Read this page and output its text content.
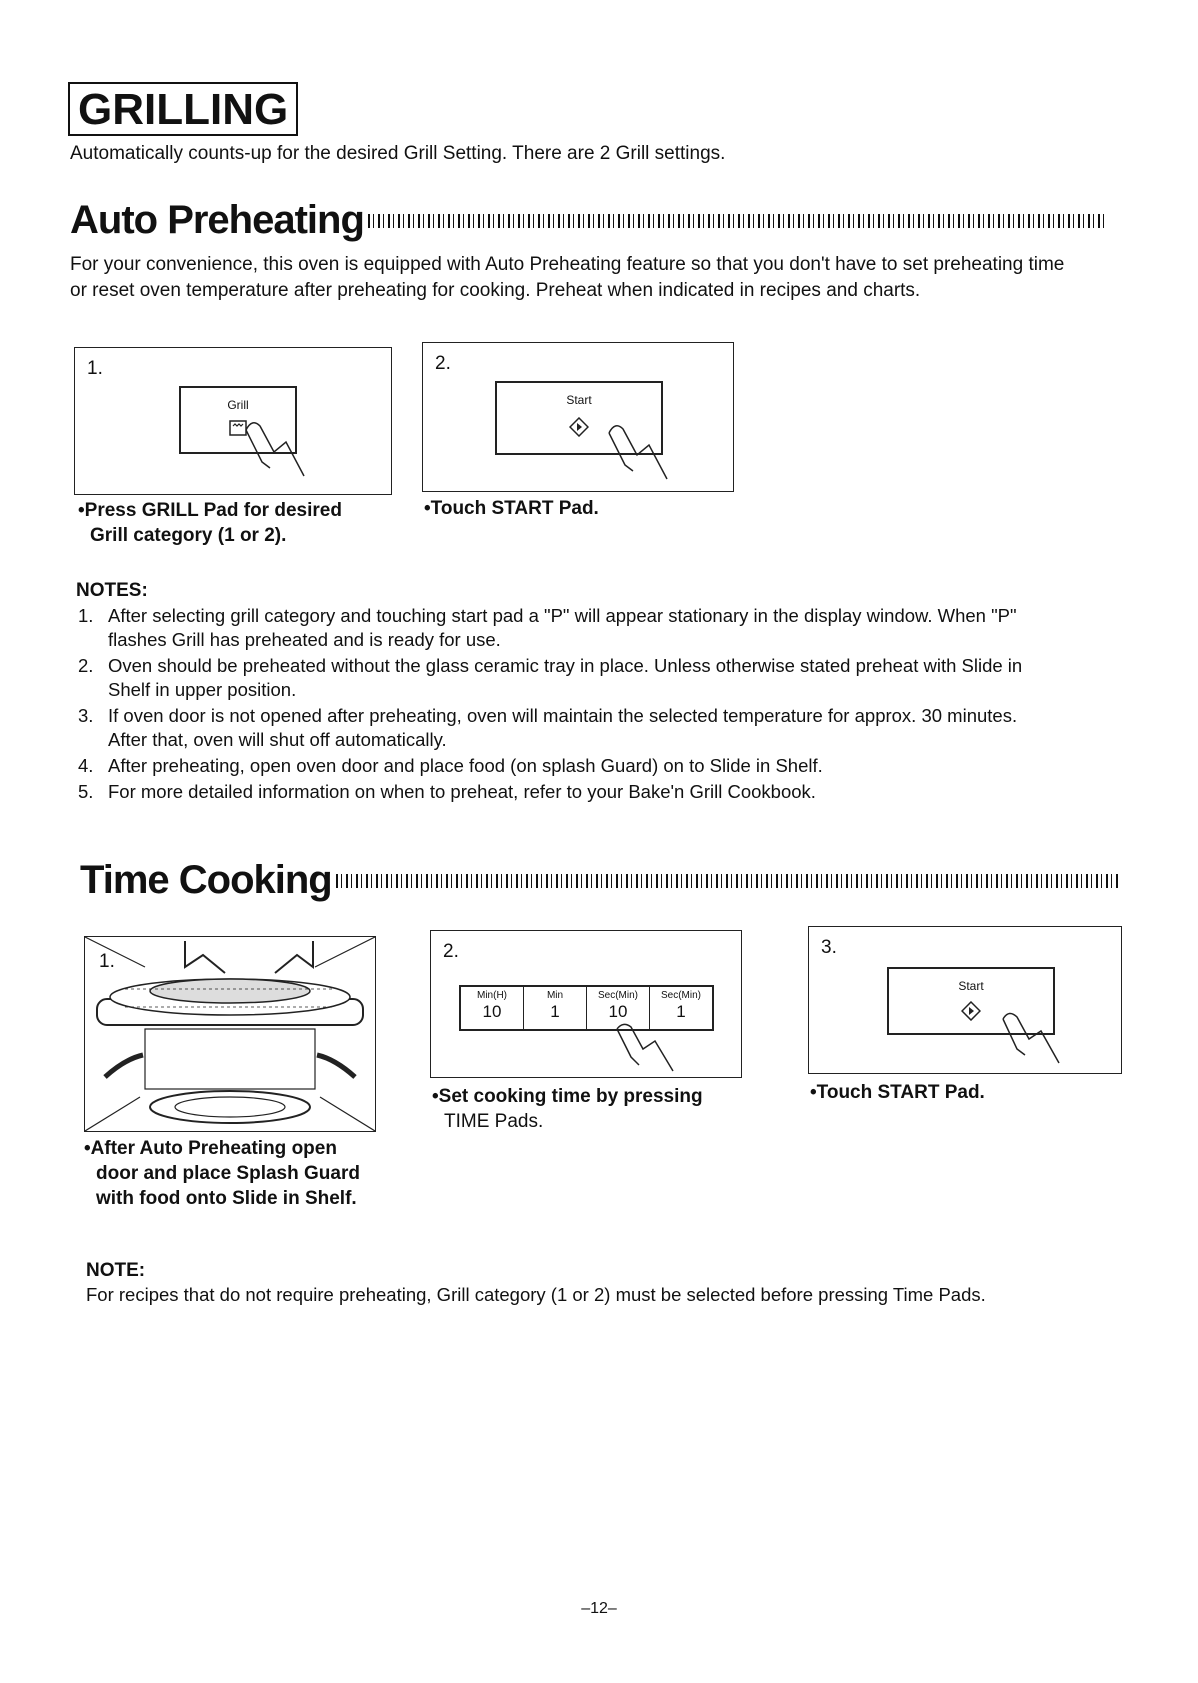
GRILLING
Automatically counts-up for the desired Grill Setting. There are 2 Grill settings.
Auto Preheating
For your convenience, this oven is equipped with Auto Preheating feature so that you don't have to set preheating time
or reset oven temperature after preheating for cooking. Preheat when indicated in recipes and charts.
1.
Grill
2.
Start
•Press GRILL Pad for desired
Grill category (1 or 2).
•Touch START Pad.
NOTES:
1. After selecting grill category and touching start pad a "P" will appear stationary in the display window. When "P"
flashes Grill has preheated and is ready for use.
2. Oven should be preheated without the glass ceramic tray in place. Unless otherwise stated preheat with Slide in
Shelf in upper position.
3. If oven door is not opened after preheating, oven will maintain the selected temperature for approx. 30 minutes.
After that, oven will shut off automatically.
4. After preheating, open oven door and place food (on splash Guard) on to Slide in Shelf.
5. For more detailed information on when to preheat, refer to your Bake'n Grill Cookbook.
Time Cooking
1.
•After Auto Preheating open
door and place Splash Guard
with food onto Slide in Shelf.
2.
Min(H)
10
Min
1
Sec(Min)
10
Sec(Min)
1
•Set cooking time by pressing
TIME Pads.
3.
Start
•Touch START Pad.
NOTE:
For recipes that do not require preheating, Grill category (1 or 2) must be selected before pressing Time Pads.
–12–
